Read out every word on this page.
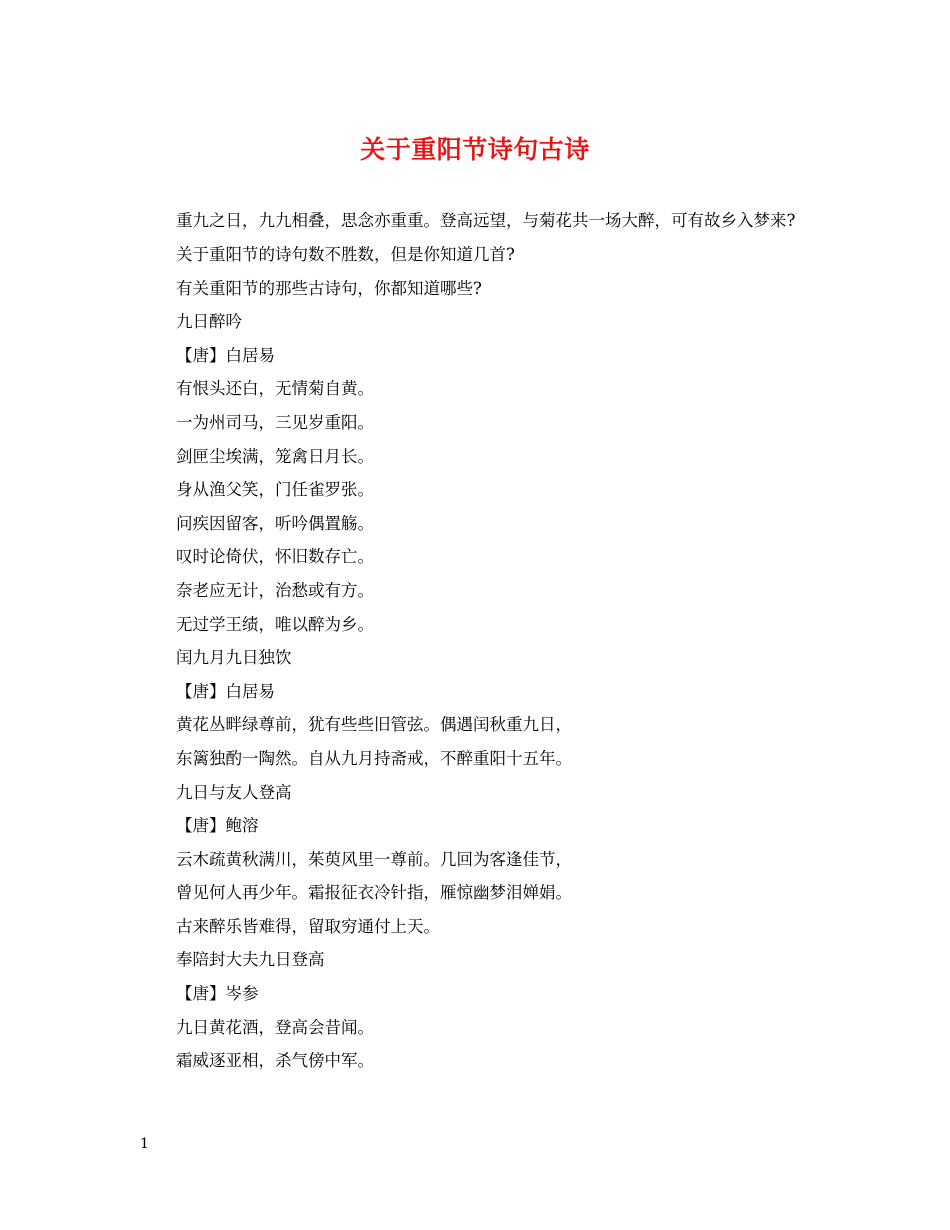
关于重阳节诗句古诗

重九之日，九九相叠，思念亦重重。登高远望，与菊花共一场大醉，可有故乡入梦来?

关于重阳节的诗句数不胜数，但是你知道几首?

有关重阳节的那些古诗句，你都知道哪些?

九日醉吟

【唐】白居易

有恨头还白，无情菊自黄。

一为州司马，三见岁重阳。

剑匣尘埃满，笼禽日月长。

身从渔父笑，门任雀罗张。

问疾因留客，听吟偶置觞。

叹时论倚伏，怀旧数存亡。

奈老应无计，治愁或有方。

无过学王绩，唯以醉为乡。

闰九月九日独饮

【唐】白居易

黄花丛畔绿尊前，犹有些些旧管弦。偶遇闰秋重九日，

东篱独酌一陶然。自从九月持斋戒，不醉重阳十五年。

九日与友人登高

【唐】鲍溶

云木疏黄秋满川，茱萸风里一尊前。几回为客逢佳节，

曾见何人再少年。霜报征衣冷针指，雁惊幽梦泪婵娟。

古来醉乐皆难得，留取穷通付上天。

奉陪封大夫九日登高

【唐】岑参

九日黄花酒，登高会昔闻。

霜威逐亚相，杀气傍中军。

1
